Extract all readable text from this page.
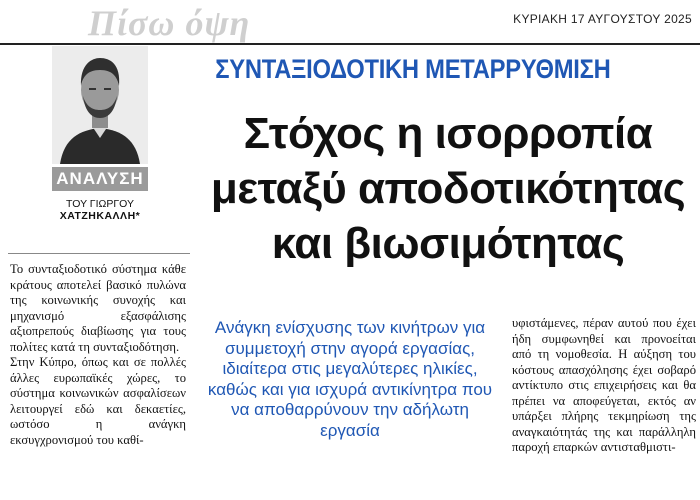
Πίσω όψη	ΚΥΡΙΑΚΗ 17 ΑΥΓΟΥΣΤΟΥ 2025
ΑΝΑΛΥΣΗ
ΤΟΥ ΓΙΩΡΓΟΥ
ΧΑΤΖΗΚΑΛΛΗ*
ΣΥΝΤΑΞΙΟΔΟΤΙΚΗ ΜΕΤΑΡΡΥΘΜΙΣΗ
Στόχος η ισορροπία
μεταξύ αποδοτικότητας
και βιωσιμότητας

Το συνταξιοδοτικό σύστημα κάθε κράτους αποτελεί βασικό πυλώνα της κοινωνικής συνοχής και μηχανισμό εξασφάλισης αξιοπρεπούς διαβίωσης για τους πολίτες κατά τη συνταξιοδότηση.

Στην Κύπρο, όπως και σε πολλές άλλες ευρωπαϊκές χώρες, το σύστημα κοινωνικών ασφαλίσεων λειτουργεί εδώ και δεκαετίες, ωστόσο η ανάγκη εκσυγχρονισμού του καθί-

Ανάγκη ενίσχυσης των κινήτρων για συμμετοχή στην αγορά εργασίας, ιδιαίτερα στις μεγαλύτερες ηλικίες, καθώς και για ισχυρά αντικίνητρα που να αποθαρρύνουν την αδήλωτη εργασία
υφιστάμενες, πέραν αυτού που έχει ήδη συμφωνηθεί και προνοείται από τη νομοθεσία. Η αύξηση του κόστους απασχόλησης έχει σοβαρό αντίκτυπο στις επιχειρήσεις και θα πρέπει να αποφεύγεται, εκτός αν υπάρξει πλήρης τεκμηρίωση της αναγκαιότητάς της και παράλληλη παροχή επαρκών αντισταθμιστι-
